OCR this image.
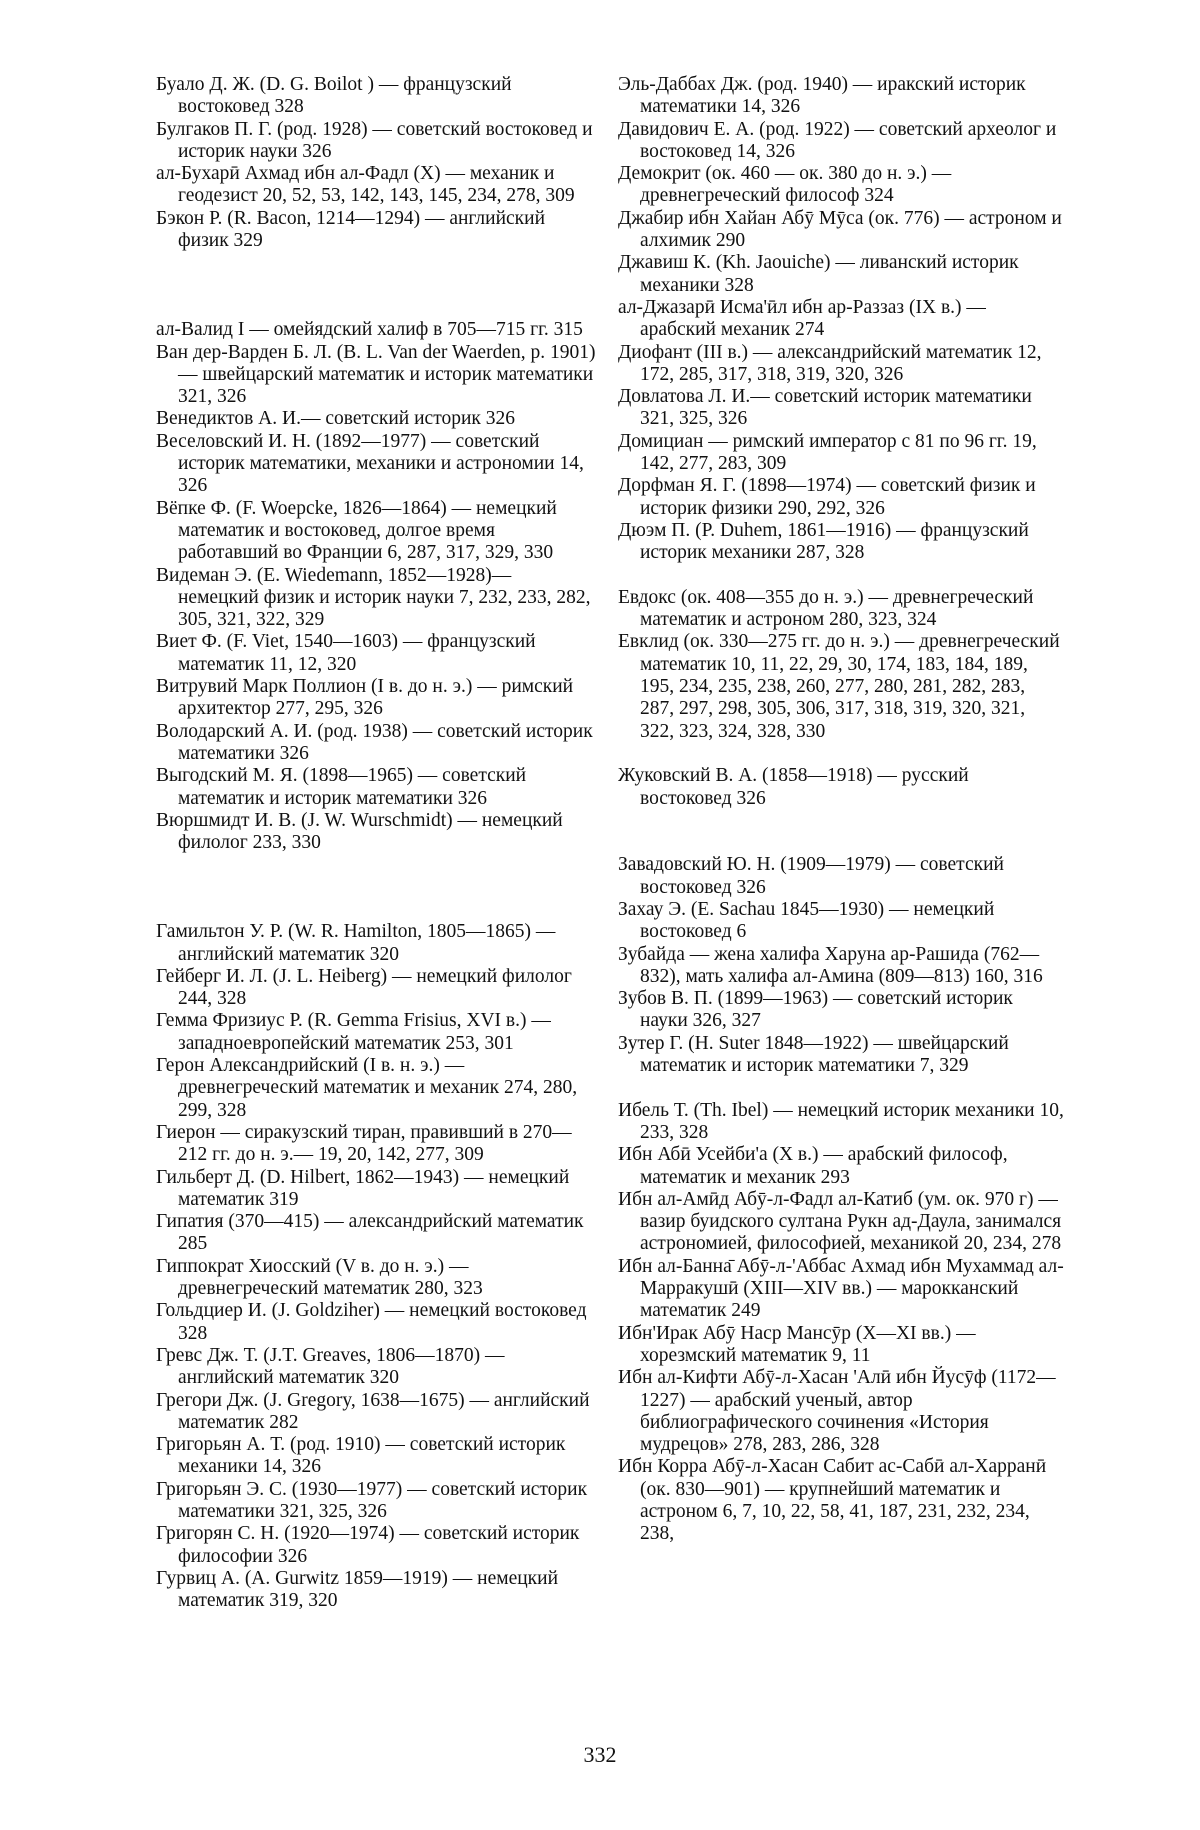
Буало Д. Ж. (D. G. Boilot ) — французский востоковед 328
Булгаков П. Г. (род. 1928) — советский востоковед и историк науки 326
ал-Бухарӣ Ахмад ибн ал-Фадл (X) — механик и геодезист 20, 52, 53, 142, 143, 145, 234, 278, 309
Бэкон Р. (R. Bacon, 1214—1294) — английский физик 329
ал-Валид I — омейядский халиф в 705—715 гг. 315
Ван дер-Варден Б. Л. (B. L. Van der Waerden, р. 1901) — швейцарский математик и историк математики 321, 326
Венедиктов А. И.— советский историк 326
Веселовский И. Н. (1892—1977) — советский историк математики, механики и астрономии 14, 326
Вёпке Ф. (F. Woepcke, 1826—1864) — немецкий математик и востоковед, долгое время работавший во Франции 6, 287, 317, 329, 330
Видеман Э. (E. Wiedemann, 1852—1928)— немецкий физик и историк науки 7, 232, 233, 282, 305, 321, 322, 329
Виет Ф. (F. Viet, 1540—1603) — французский математик 11, 12, 320
Витрувий Марк Поллион (I в. до н. э.) — римский архитектор 277, 295, 326
Володарский А. И. (род. 1938) — советский историк математики 326
Выгодский М. Я. (1898—1965) — советский математик и историк математики 326
Вюршмидт И. В. (J. W. Wurschmidt) — немецкий филолог 233, 330
Гамильтон У. Р. (W. R. Hamilton, 1805—1865) — английский математик 320
Гейберг И. Л. (J. L. Heiberg) — немецкий филолог 244, 328
Гемма Фризиус Р. (R. Gemma Frisius, XVI в.) — западноевропейский математик 253, 301
Герон Александрийский (I в. н. э.) — древнегреческий математик и механик 274, 280, 299, 328
Гиерон — сиракузский тиран, правивший в 270—212 гг. до н. э.— 19, 20, 142, 277, 309
Гильберт Д. (D. Hilbert, 1862—1943) — немецкий математик 319
Гипатия (370—415) — александрийский математик 285
Гиппократ Хиосский (V в. до н. э.) — древнегреческий математик 280, 323
Гольдциер И. (J. Goldziher) — немецкий востоковед 328
Гревс Дж. Т. (J.T. Greaves, 1806—1870) — английский математик 320
Грегори Дж. (J. Gregory, 1638—1675) — английский математик 282
Григорьян А. Т. (род. 1910) — советский историк механики 14, 326
Григорьян Э. С. (1930—1977) — советский историк математики 321, 325, 326
Григорян С. Н. (1920—1974) — советский историк философии 326
Гурвиц А. (A. Gurwitz 1859—1919) — немецкий математик 319, 320
Эль-Даббах Дж. (род. 1940) — иракский историк математики 14, 326
Давидович Е. А. (род. 1922) — советский археолог и востоковед 14, 326
Демокрит (ок. 460 — ок. 380 до н. э.) — древнегреческий философ 324
Джабир ибн Хайан Абӯ Мӯса (ок. 776) — астроном и алхимик 290
Джавиш К. (Kh. Jaouiche) — ливанский историк механики 328
ал-Джазарӣ Исма'ӣл ибн ар-Раззаз (IX в.) — арабский механик 274
Диофант (III в.) — александрийский математик 12, 172, 285, 317, 318, 319, 320, 326
Довлатова Л. И.— советский историк математики 321, 325, 326
Домициан — римский император с 81 по 96 гг. 19, 142, 277, 283, 309
Дорфман Я. Г. (1898—1974) — советский физик и историк физики 290, 292, 326
Дюэм П. (P. Duhem, 1861—1916) — французский историк механики 287, 328
Евдокс (ок. 408—355 до н. э.) — древнегреческий математик и астроном 280, 323, 324
Евклид (ок. 330—275 гг. до н. э.) — древнегреческий математик 10, 11, 22, 29, 30, 174, 183, 184, 189, 195, 234, 235, 238, 260, 277, 280, 281, 282, 283, 287, 297, 298, 305, 306, 317, 318, 319, 320, 321, 322, 323, 324, 328, 330
Жуковский В. А. (1858—1918) — русский востоковед 326
Завадовский Ю. Н. (1909—1979) — советский востоковед 326
Захау Э. (E. Sachau 1845—1930) — немецкий востоковед 6
Зубайда — жена халифа Харуна ар-Рашида (762—832), мать халифа ал-Амина (809—813) 160, 316
Зубов В. П. (1899—1963) — советский историк науки 326, 327
Зутер Г. (H. Suter 1848—1922) — швейцарский математик и историк математики 7, 329
Ибель Т. (Th. Ibel) — немецкий историк механики 10, 233, 328
Ибн Абӣ Усейби'а (X в.) — арабский философ, математик и механик 293
Ибн ал-Амӣд Абӯ-л-Фадл ал-Катиб (ум. ок. 970 г) — вазир буидского султана Рукн ад-Даула, занимался астрономией, философией, механикой 20, 234, 278
Ибн ал-Банна̄ Абӯ-л-'Аббас Ахмад ибн Мухаммад ал-Марракушӣ (XIII—XIV вв.) — марокканский математик 249
Ибн'Ирак Абӯ Наср Мансӯр (X—XI вв.) — хорезмский математик 9, 11
Ибн ал-Кифти Абӯ-л-Хасан 'Алӣ ибн Йусӯф (1172—1227) — арабский ученый, автор библиографического сочинения «История мудрецов» 278, 283, 286, 328
Ибн Корра Абӯ-л-Хасан Сабит ас-Сабӣ ал-Харранӣ (ок. 830—901) — крупнейший математик и астроном 6, 7, 10, 22, 58, 41, 187, 231, 232, 234, 238,
332
